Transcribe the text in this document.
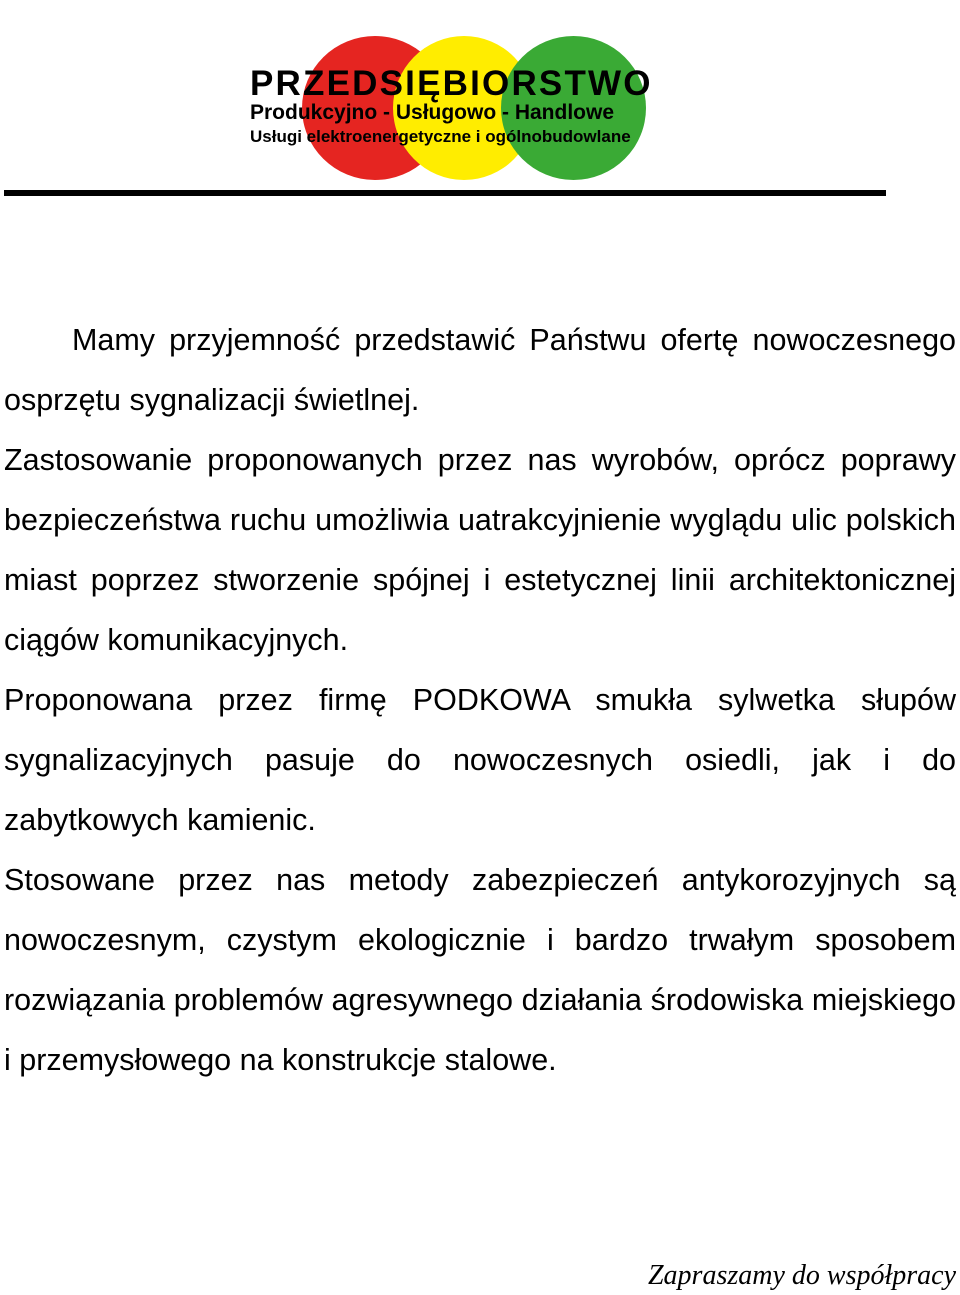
PRZEDSIĘBIORSTWO
Produkcyjno - Usługowo - Handlowe
Usługi elektroenergetyczne i ogólnobudowlane

Mamy przyjemność przedstawić Państwu ofertę nowoczesnego osprzętu sygnalizacji świetlnej.

Zastosowanie proponowanych przez nas wyrobów, oprócz poprawy bezpieczeństwa ruchu umożliwia uatrakcyjnienie wyglądu ulic polskich miast poprzez stworzenie spójnej i estetycznej linii architektonicznej ciągów komunikacyjnych.

Proponowana przez firmę PODKOWA smukła sylwetka słupów sygnalizacyjnych pasuje do nowoczesnych osiedli, jak i do zabytkowych kamienic.

Stosowane przez nas metody zabezpieczeń antykorozyjnych są nowoczesnym, czystym ekologicznie i bardzo trwałym sposobem rozwiązania problemów agresywnego działania środowiska miejskiego i przemysłowego na konstrukcje stalowe.

Zapraszamy do współpracy
